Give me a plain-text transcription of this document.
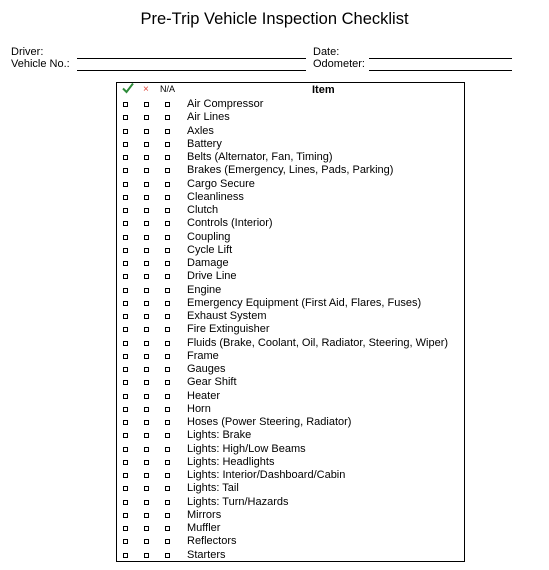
Pre-Trip Vehicle Inspection Checklist
Driver:
Vehicle No.:
Date:
Odometer:
× N/A	Item
Air Compressor
Air Lines
Axles
Battery
Belts (Alternator, Fan, Timing)
Brakes (Emergency, Lines, Pads, Parking)
Cargo Secure
Cleanliness
Clutch
Controls (Interior)
Coupling
Cycle Lift
Damage
Drive Line
Engine
Emergency Equipment (First Aid, Flares, Fuses)
Exhaust System
Fire Extinguisher
Fluids (Brake, Coolant, Oil, Radiator, Steering, Wiper)
Frame
Gauges
Gear Shift
Heater
Horn
Hoses (Power Steering, Radiator)
Lights: Brake
Lights: High/Low Beams
Lights: Headlights
Lights: Interior/Dashboard/Cabin
Lights: Tail
Lights: Turn/Hazards
Mirrors
Muffler
Reflectors
Starters
